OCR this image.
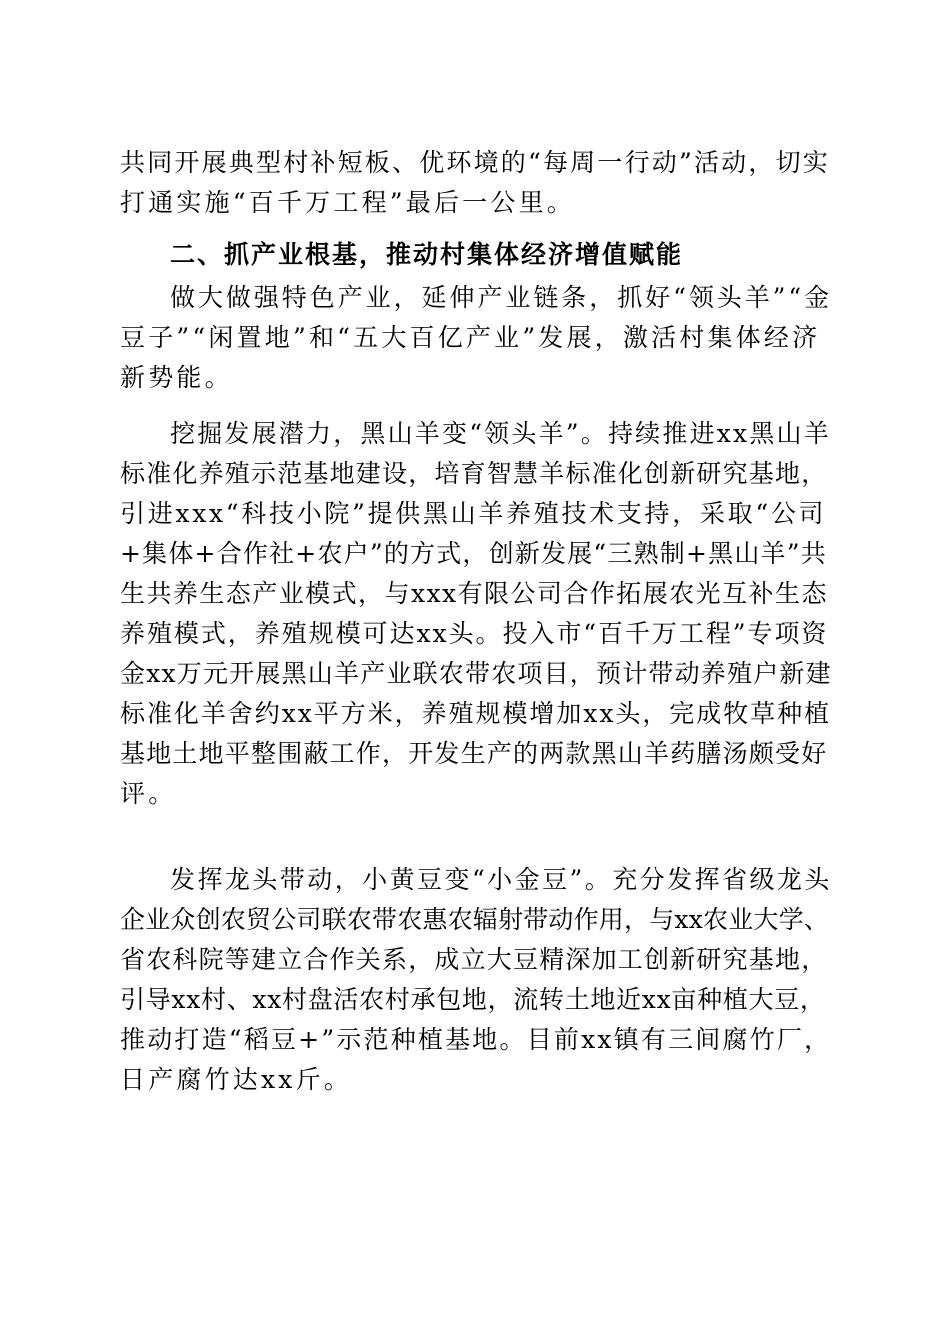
共同开展典型村补短板、优环境的“每周一行动”活动，切实
打通实施“百千万工程”最后一公里。
二、抓产业根基，推动村集体经济增值赋能
做大做强特色产业，延伸产业链条，抓好“领头羊”“金
豆子”“闲置地”和“五大百亿产业”发展，激活村集体经济
新势能。
挖掘发展潜力，黑山羊变“领头羊”。持续推进xx黑山羊
标准化养殖示范基地建设，培育智慧羊标准化创新研究基地，
引进xxx“科技小院”提供黑山羊养殖技术支持，采取“公司
+集体+合作社+农户”的方式，创新发展“三熟制+黑山羊”共
生共养生态产业模式，与xxx有限公司合作拓展农光互补生态
养殖模式，养殖规模可达xx头。投入市“百千万工程”专项资
金xx万元开展黑山羊产业联农带农项目，预计带动养殖户新建
标准化羊舍约xx平方米，养殖规模增加xx头，完成牧草种植
基地土地平整围蔽工作，开发生产的两款黑山羊药膳汤颇受好
评。
发挥龙头带动，小黄豆变“小金豆”。充分发挥省级龙头
企业众创农贸公司联农带农惠农辐射带动作用，与xx农业大学、
省农科院等建立合作关系，成立大豆精深加工创新研究基地，
引导xx村、xx村盘活农村承包地，流转土地近xx亩种植大豆，
推动打造“稻豆+”示范种植基地。目前xx镇有三间腐竹厂，
日产腐竹达xx斤。
